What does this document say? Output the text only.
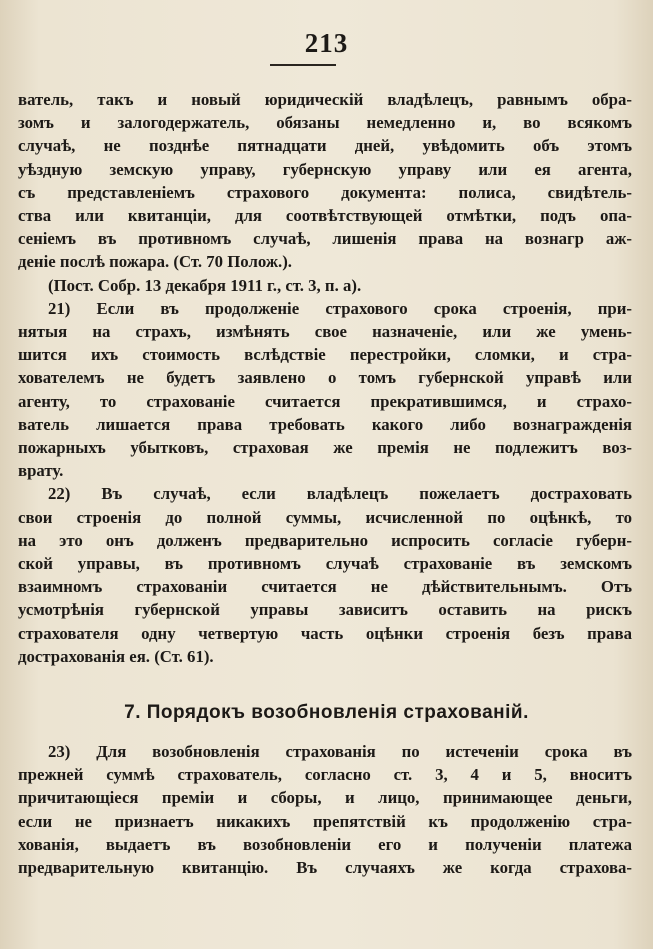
213
ватель, такъ и новый юридическій владѣлецъ, равнымъ обра-
зомъ и залогодержатель, обязаны немедленно и, во всякомъ
случаѣ, не позднѣе пятнадцати дней, увѣдомить объ этомъ
уѣздную земскую управу, губернскую управу или ея агента,
съ представленіемъ страхового документа: полиса, свидѣтель-
ства или квитанціи, для соотвѣтствующей отмѣтки, подъ опа-
сеніемъ въ противномъ случаѣ, лишенія права на вознагр аж-
деніе послѣ пожара. (Ст. 70 Полож.).
(Пост. Собр. 13 декабря 1911 г., ст. 3, п. а).
21) Если въ продолженіе страхового срока строенія, при-
нятыя на страхъ, измѣнять свое назначеніе, или же умень-
шится ихъ стоимость вслѣдствіе перестройки, сломки, и стра-
хователемъ не будетъ заявлено о томъ губернской управѣ или
агенту, то страхованіе считается прекратившимся, и страхо-
ватель лишается права требовать какого либо вознагражденія
пожарныхъ убытковъ, страховая же премія не подлежитъ воз-
врату.
22) Въ случаѣ, если владѣлецъ пожелаетъ дострахoвать
свои строенія до полной суммы, исчисленной по оцѣнкѣ, то
на это онъ долженъ предварительно испросить согласіе губерн-
ской управы, въ противномъ случаѣ страхованіе въ земскомъ
взаимномъ страхованіи считается не дѣйствительнымъ. Отъ
усмотрѣнія губернской управы зависитъ оставить на рискъ
страхователя одну четвертую часть оцѣнки строенія безъ права
дострахованія ея. (Ст. 61).
7. Порядокъ возобновленія страхованій.
23) Для возобновленія страхованія по истеченіи срока въ
прежней суммѣ страхователь, согласно ст. 3, 4 и 5, вноситъ
причитающіеся преміи и сборы, и лицо, принимающее деньги,
если не признаетъ никакихъ препятствій къ продолженію стра-
хованія, выдаетъ въ возобновленіи его и полученіи платежа
предварительную квитанцію. Въ случаяхъ же когда страхова-
